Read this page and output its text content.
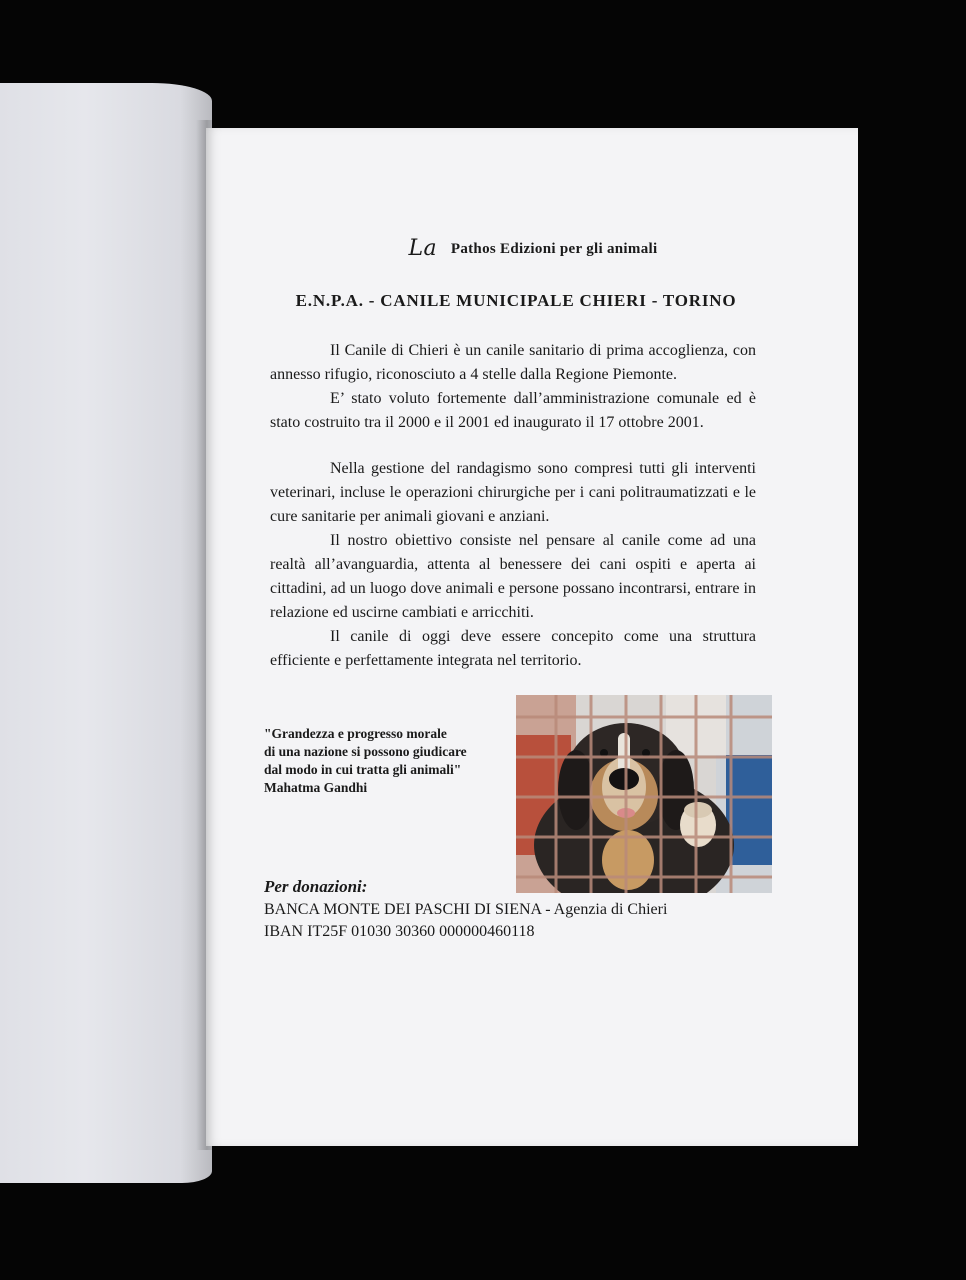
La Pathos Edizioni per gli animali
E.N.P.A. - CANILE MUNICIPALE CHIERI - TORINO

Il Canile di Chieri è un canile sanitario di prima accoglienza, con annesso rifugio, riconosciuto a 4 stelle dalla Regione Piemonte.

E’ stato voluto fortemente dall’amministrazione comunale ed è stato costruito tra il 2000 e il 2001 ed inaugurato il 17 ottobre 2001.

Nella gestione del randagismo sono compresi tutti gli interventi veterinari, incluse le operazioni chirurgiche per i cani politraumatizzati e le cure sanitarie per animali giovani e anziani.

Il nostro obiettivo consiste nel pensare al canile come ad una realtà all’avanguardia, attenta al benessere dei cani ospiti e aperta ai cittadini, ad un luogo dove animali e persone possano incontrarsi, entrare in relazione ed uscirne cambiati e arricchiti.

Il canile di oggi deve essere concepito come una struttura efficiente e perfettamente integrata nel territorio.

"Grandezza e progresso morale
di una nazione si possono giudicare
dal modo in cui tratta gli animali"
Mahatma Gandhi
Per donazioni:
BANCA MONTE DEI PASCHI DI SIENA - Agenzia di Chieri
IBAN IT25F 01030 30360 000000460118
